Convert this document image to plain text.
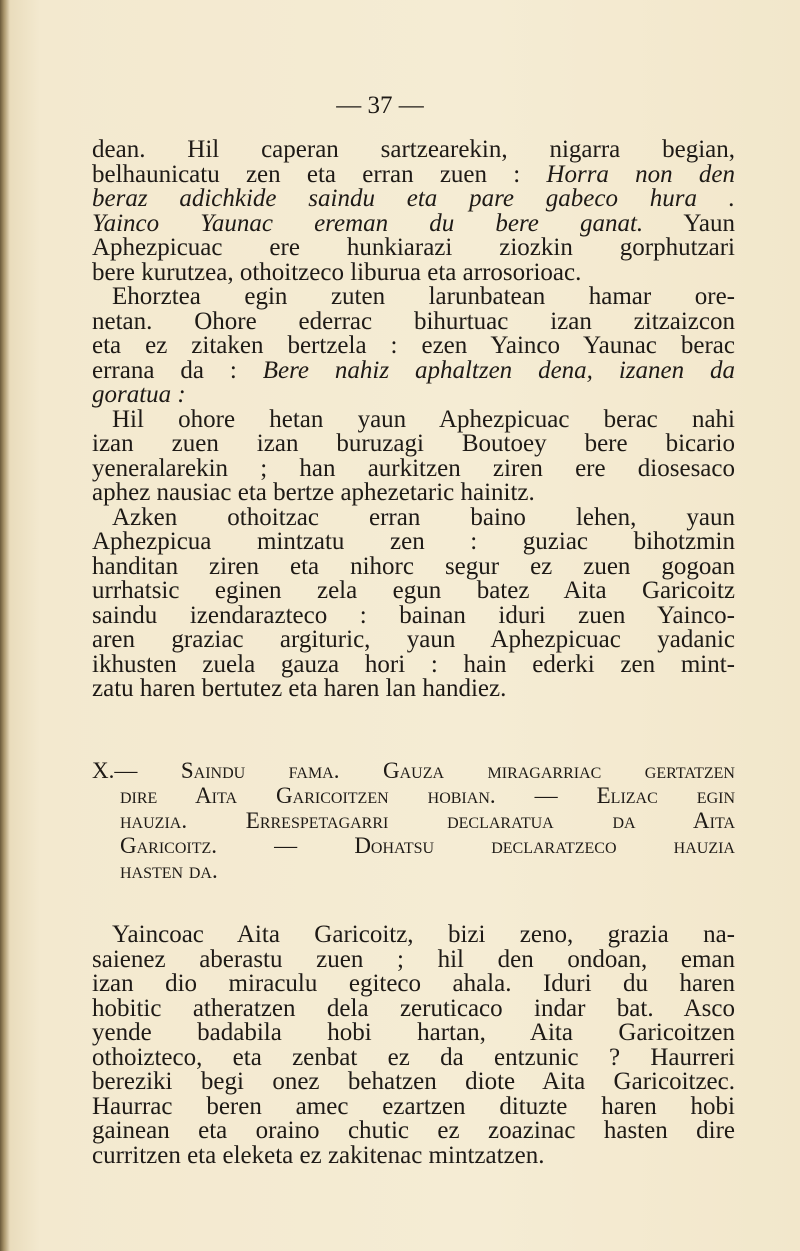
— 37 —
dean. Hil caperan sartzearekin, nigarra begian,
belhaunicatu zen eta erran zuen : Horra non den
beraz adichkide saindu eta pare gabeco hura .
Yainco Yaunac ereman du bere ganat. Yaun
Aphezpicuac ere hunkiarazi ziozkin gorphutzari
bere kurutzea, othoitzeco liburua eta arrosorioac.
Ehorztea egin zuten larunbatean hamar ore-
netan. Ohore ederrac bihurtuac izan zitzaizcon
eta ez zitaken bertzela : ezen Yainco Yaunac berac
errana da : Bere nahiz aphaltzen dena, izanen da
goratua :
Hil ohore hetan yaun Aphezpicuac berac nahi
izan zuen izan buruzagi Boutoey bere bicario
yeneralarekin ; han aurkitzen ziren ere diosesaco
aphez nausiac eta bertze aphezetaric hainitz.
Azken othoitzac erran baino lehen, yaun
Aphezpicua mintzatu zen : guziac bihotzmin
handitan ziren eta nihorc segur ez zuen gogoan
urrhatsic eginen zela egun batez Aita Garicoitz
saindu izendarazteco : bainan iduri zuen Yainco-
aren graziac argituric, yaun Aphezpicuac yadanic
ikhusten zuela gauza hori : hain ederki zen mint-
zatu haren bertutez eta haren lan handiez.
X.— Saindu fama. Gauza miragarriac gertatzen
dire Aita Garicoitzen hobian. — Elizac egin
hauzia. Errespetagarri declaratua da Aita
Garicoitz. — Dohatsu declaratzeco hauzia
hasten da.
Yaincoac Aita Garicoitz, bizi zeno, grazia na-
saienez aberastu zuen ; hil den ondoan, eman
izan dio miraculu egiteco ahala. Iduri du haren
hobitic atheratzen dela zeruticaco indar bat. Asco
yende badabila hobi hartan, Aita Garicoitzen
othoizteco, eta zenbat ez da entzunic ? Haurreri
bereziki begi onez behatzen diote Aita Garicoitzec.
Haurrac beren amec ezartzen dituzte haren hobi
gainean eta oraino chutic ez zoazinac hasten dire
curritzen eta eleketa ez zakitenac mintzatzen.
